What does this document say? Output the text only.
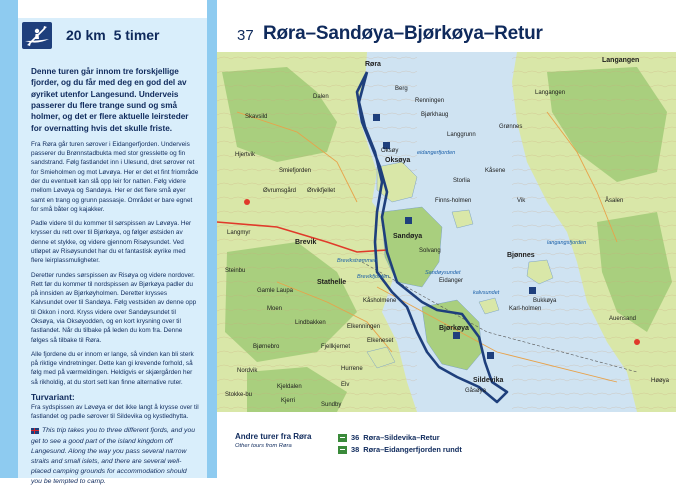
20 km 5 timer	37 Røra–Sandøya–Bjørkøya–Retur

Denne turen går innom tre forskjellige fjorder, og du får med deg en god del av øyriket utenfor Langesund. Underveis passerer du flere trange sund og små holmer, og det er flere aktuelle leirsteder for overnatting hvis det skulle friste.

Fra Røra går turen sørover i Eidangerfjorden. Underveis passerer du Brønnstadbukta med stor gresslette og fin sandstrand. Følg fastlandet inn i Ulesund, dret sørover ret for Smieholmen og mot Løvøya. Her er det et fint friområde der du eventuelt kan slå opp leir for natten. Følg videre mellom Løvøya og Sandøya. Her er det flere små øyer samt en trang og grunn passasje. Området er bare egnet for små båter og kajakker.

Padle videre til du kommer til sørspissen av Løvøya. Her krysser du rett over til Bjørkøya, og følger østsiden av denne et stykke, og videre gjennom Risøysundet. Ved utløpet av Risøysundet har du et fantastisk øyrike med flere leirplassmuligheter.

Deretter rundes sørspissen av Risøya og videre nordover. Rett før du kommer til nordspissen av Bjørkøya padler du på innsiden av Bjørkøyholmen. Deretter krysses Kalvsundet over til Sandøya. Følg vestsiden av denne opp til Okkon i nord. Kryss videre over Sandøysundet til Oksøya, via Oksøyodden, og en kort krysning over til fastlandet. Når du tilbake på leden du kom fra. Denne følges så tilbake til Røra.

Alle fjordene du er innom er lange, så vinden kan bli sterk på riktige vindretninger. Dette kan gi krevende forhold, så følg med på værmeldingen. Heldigvis er skjærgården her så rikholdig, at du stort sett kan finne alternative ruter.

Turvariant:

Fra sydspissen av Løvøya er det ikke langt å krysse over til fastlandet og padle sørover til Sildevika og kystledhytta.

This trip takes you to three different fjords, and you get to see a good part of the island kingdom off Langesund. Along the way you pass several narrow straits and small islets, and there are several well-placed camping grounds for accommodation should you be tempted to camp.

Røra
Brevik
Stathelle
Sandøya
Oksøya
Bjørkøya
Bjønnes
Sildevika
Langangen
Berg
Renningen
Bjørkhaug
Langgrunn
Dalen
Skavsild
Grønnes
Hjertvik
Langangen
Kåsene
Smiefjorden
Øvrumsgård
Langmyr
Ørvikfjellet
Steinbu
Gamle Laupa
Moen
Lindbakken
Finns-holmen
Solvang
Eidanger
Bukkøya
Karl-holmen
Bjørnebro	Fjellkjernet
Hurrene
Elkeneset
Kåsholmene
Sundby
Høøya
Nordvik
Kjeldalen	Elv
Elkenningen
Stokke-bu
Kjerri
Åsalen
Auensand
Oksøy
Vik
Storlia
Gåsøya
eidangerfjorden
langangsfjorden
Brevikfjorden
kalvsundet
Sandøysundet
Brevikstrømmen
Andre turer fra Røra
Other tours from Røra
36 Røra–Sildevika–Retur
38 Røra–Eidangerfjorden rundt
